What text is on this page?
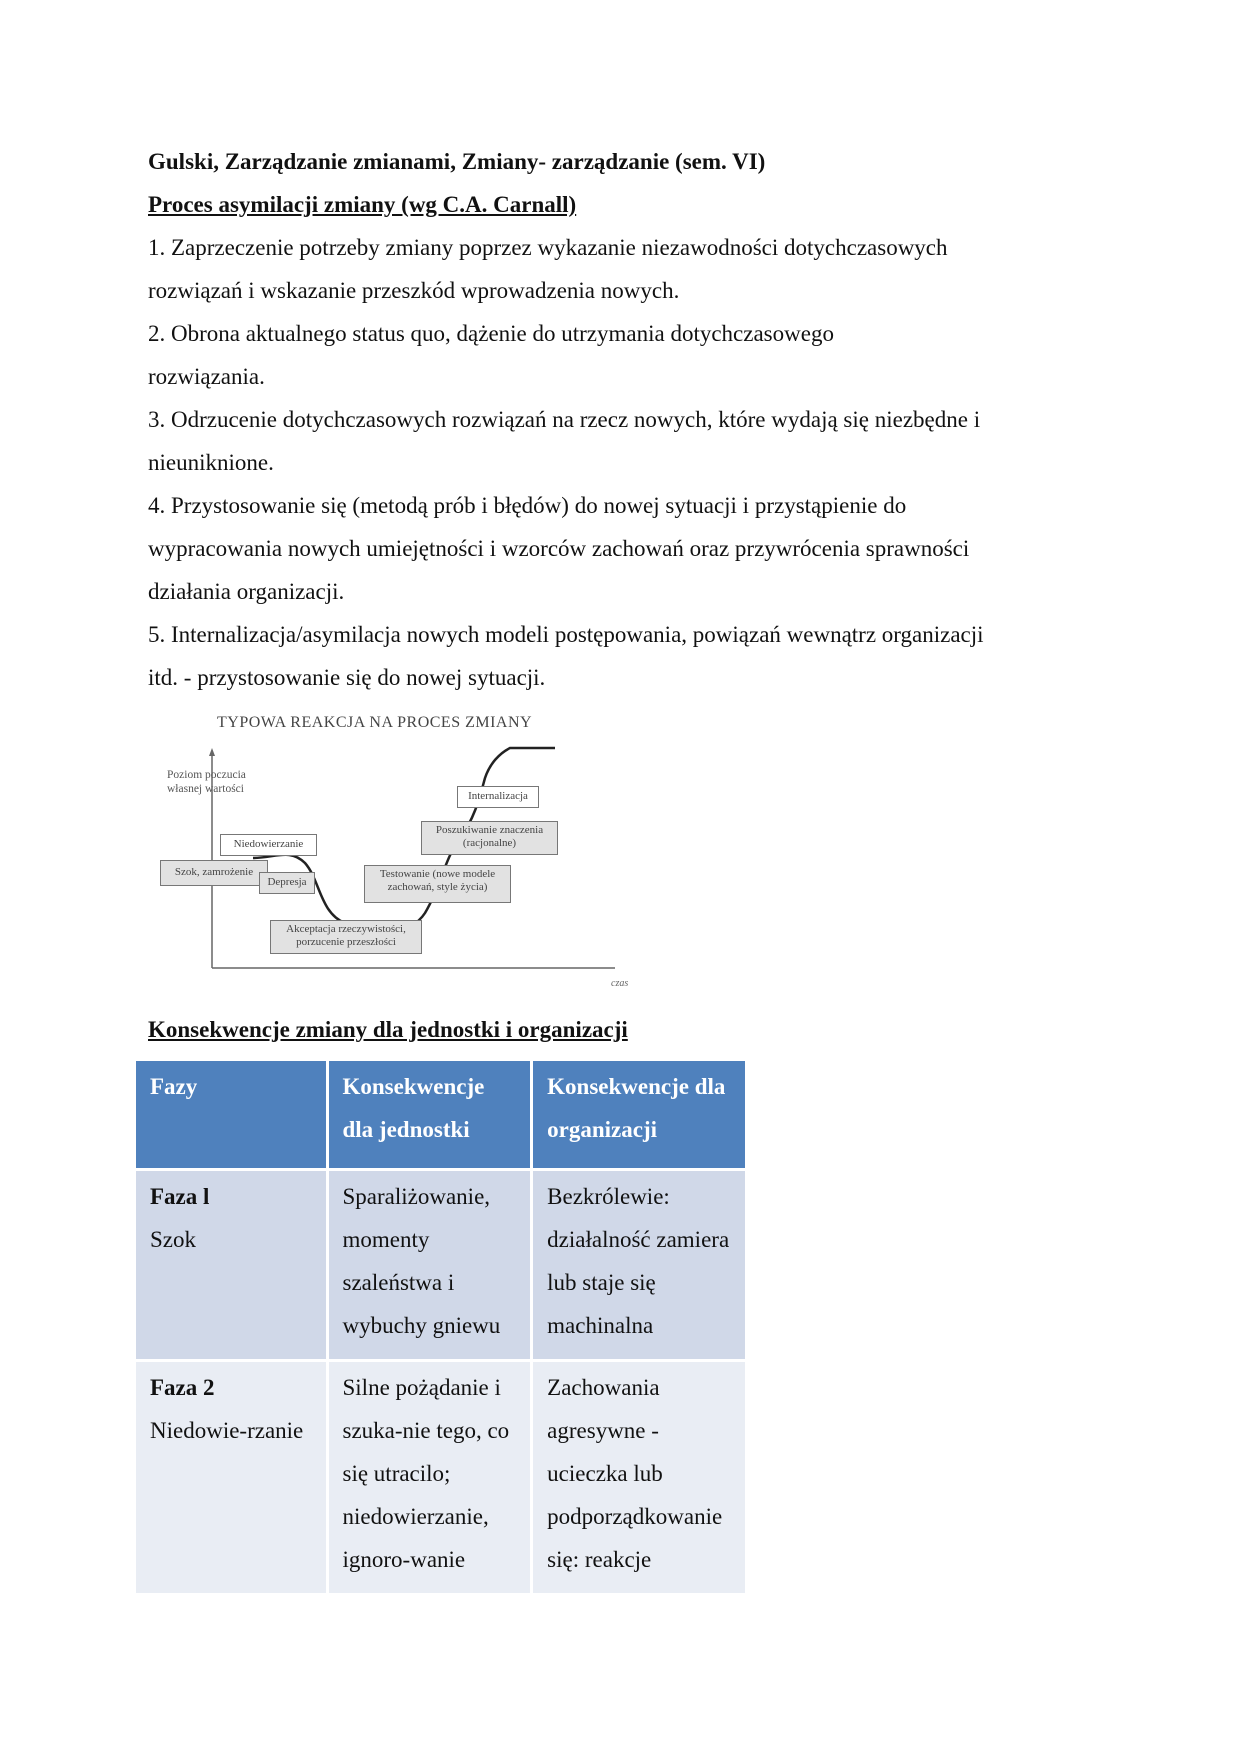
Gulski, Zarządzanie zmianami, Zmiany- zarządzanie (sem. VI)

Proces asymilacji zmiany (wg C.A. Carnall)

1. Zaprzeczenie potrzeby zmiany poprzez wykazanie niezawodności dotychczasowych

rozwiązań i wskazanie przeszkód wprowadzenia nowych.

2. Obrona aktualnego status quo, dążenie do utrzymania dotychczasowego

rozwiązania.

3. Odrzucenie dotychczasowych rozwiązań na rzecz nowych, które wydają się niezbędne i

nieuniknione.

4. Przystosowanie się (metodą prób i błędów) do nowej sytuacji i przystąpienie do

wypracowania nowych umiejętności i wzorców zachowań oraz przywrócenia sprawności

działania organizacji.

5. Internalizacja/asymilacja nowych modeli postępowania, powiązań wewnątrz organizacji

itd. - przystosowanie się do nowej sytuacji.

TYPOWA REAKCJA NA PROCES ZMIANY
Poziom poczucia
własnej wartości
czas
Szok, zamrożenie
Niedowierzanie
Depresja
Akceptacja rzeczywistości,
porzucenie przeszłości
Testowanie (nowe modele
zachowań, style życia)
Poszukiwanie znaczenia
(racjonalne)
Internalizacja

Konsekwencje zmiany dla jednostki i organizacji

Fazy	Konsekwencje dla jednostki	Konsekwencje dla organizacji

Faza l
Szok	Sparaliżowanie, momenty szaleństwa i wybuchy gniewu	Bezkrólewie: działalność zamiera lub staje się machinalna

Faza 2
Niedowie-rzanie	Silne pożądanie i szuka-nie tego, co się utracilo; niedowierzanie, ignoro-wanie	Zachowania agresywne - ucieczka lub podporządkowanie się: reakcje
